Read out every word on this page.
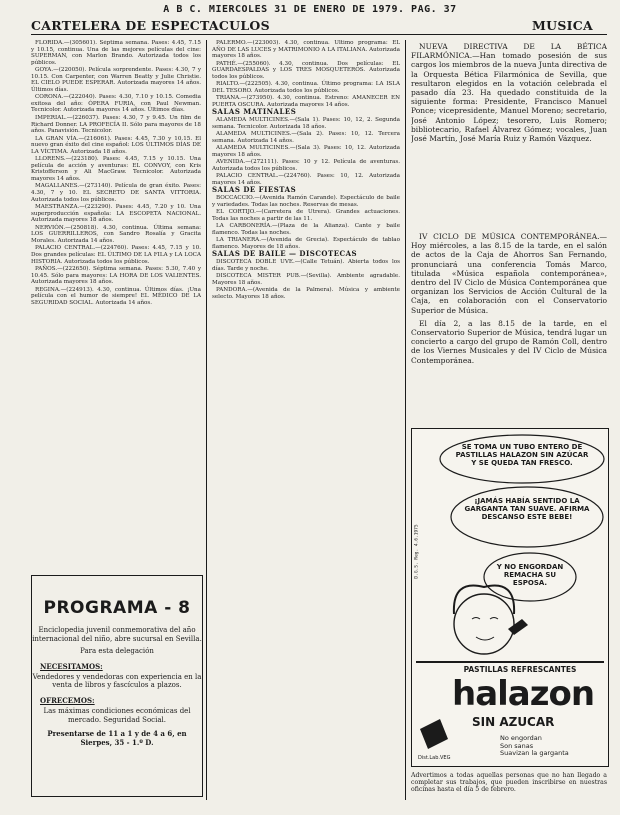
A B C. MIERCOLES 31 DE ENERO DE 1979. PAG. 37
CARTELERA DE ESPECTACULOS	MUSICA

FLORIDA.—(305601). Séptima semana. Pases: 4.45, 7.15 y 10.15, continua. Una de las mejores películas del cine: SUPERMAN, con Marlon Brando. Autorizada todos los públicos.

GOYA.—(220050). Película sorprendente. Pases: 4.30, 7 y 10.15. Con Carpenter, con Warren Beatty y Julie Christie. EL CIELO PUEDE ESPERAR. Autorizada mayores 14 años. Últimos días.

CORONA.—(222040). Pases: 4.30, 7.10 y 10.15. Comedia exitosa del año: ÓPERA FURIA, con Paul Newman. Tecnicolor. Autorizada mayores 14 años. Últimos días.

IMPERIAL.—(226037). Pases: 4.30, 7 y 9.45. Un film de Richard Donner. LA PROFECÍA II. Sólo para mayores de 18 años. Panavisión. Tecnicolor.

LA GRAN VÍA.—(216061). Pases: 4.45, 7.30 y 10.15. El nuevo gran éxito del cine español: LOS ÚLTIMOS DÍAS DE LA VÍCTIMA. Autorizada 18 años.

LLORENS.—(223180). Pases: 4.45, 7.15 y 10.15. Una película de acción y aventuras: EL CONVOY, con Kris Kristofferson y Ali MacGraw. Tecnicolor. Autorizada mayores 14 años.

MAGALLANES.—(273140). Película de gran éxito. Pases: 4.30, 7 y 10. EL SECRETO DE SANTA VITTORIA. Autorizada todos los públicos.

MAESTRANZA.—(223290). Pases: 4.45, 7.20 y 10. Una superproducción española: LA ESCOPETA NACIONAL. Autorizada mayores 18 años.

NERVIÓN.—(250818). 4.30, continua. Última semana: LOS GUERRILLEROS, con Sandro Rosalía y Gracita Morales. Autorizada 14 años.

PALACIO CENTRAL.—(224760). Pases: 4.45, 7.15 y 10. Dos grandes películas: EL ÚLTIMO DE LA FILA y LA LOCA HISTORIA. Autorizada todos los públicos.

PAÑOS.—(222650). Séptima semana. Pases: 5.30, 7.40 y 10.45. Sólo para mayores: LA HORA DE LOS VALIENTES. Autorizada mayores 18 años.

REGINA.—(224913). 4.30, continua. Últimos días. ¡Una película con el humor de siempre! EL MÉDICO DE LA SEGURIDAD SOCIAL. Autorizada 14 años.

PALERMO.—(223003). 4.30, continua. Último programa: EL AÑO DE LAS LUCES y MATRIMONIO A LA ITALIANA. Autorizada mayores 18 años.

PATHÉ.—(255060). 4.30, continua. Dos películas: EL GUARDAESPALDAS y LOS TRES MOSQUETEROS. Autorizada todos los públicos.

RIALTO.—(222505). 4.30, continua. Último programa: LA ISLA DEL TESORO. Autorizada todos los públicos.

TRIANA.—(273950). 4.30, continua. Estreno: AMANECER EN PUERTA OSCURA. Autorizada mayores 14 años.

SALAS MATINALES

ALAMEDA MULTICINES.—(Sala 1). Pases: 10, 12, 2. Segunda semana. Tecnicolor. Autorizada 18 años.

ALAMEDA MULTICINES.—(Sala 2). Pases: 10, 12. Tercera semana. Autorizada 14 años.

ALAMEDA MULTICINES.—(Sala 3). Pases: 10, 12. Autorizada mayores 18 años.

AVENIDA.—(272111). Pases: 10 y 12. Película de aventuras. Autorizada todos los públicos.

PALACIO CENTRAL.—(224760). Pases: 10, 12. Autorizada mayores 14 años.

SALAS DE FIESTAS

BOCCACCIO.—(Avenida Ramón Carande). Espectáculo de baile y variedades. Todas las noches. Reservas de mesas.

EL CORTIJO.—(Carretera de Utrera). Grandes actuaciones. Todas las noches a partir de las 11.

LA CARBONERÍA.—(Plaza de la Alianza). Cante y baile flamenco. Todas las noches.

LA TRIANERA.—(Avenida de Grecia). Espectáculo de tablao flamenco. Mayores de 18 años.

SALAS DE BAILE — DISCOTECAS

DISCOTECA DOBLE UVE.—(Calle Tetuán). Abierta todos los días. Tarde y noche.

DISCOTECA MISTER PUB.—(Sevilla). Ambiente agradable. Mayores 18 años.

PANDORA.—(Avenida de la Palmera). Música y ambiente selecto. Mayores 18 años.

NUEVA DIRECTIVA DE LA BÉTICA FILARMÓNICA.—Han tomado posesión de sus cargos los miembros de la nueva Junta directiva de la Orquesta Bética Filarmónica de Sevilla, que resultaron elegidos en la votación celebrada el pasado día 23. Ha quedado constituida de la siguiente forma: Presidente, Francisco Manuel Ponce; vicepresidente, Manuel Moreno; secretario, José Antonio López; tesorero, Luis Romero; bibliotecario, Rafael Álvarez Gómez; vocales, Juan José Martín, José María Ruiz y Ramón Vázquez.

IV CICLO DE MÚSICA CONTEMPORÁNEA.—Hoy miércoles, a las 8.15 de la tarde, en el salón de actos de la Caja de Ahorros San Fernando, pronunciará una conferencia Tomás Marco, titulada «Música española contemporánea», dentro del IV Ciclo de Música Contemporánea que organizan los Servicios de Acción Cultural de la Caja, en colaboración con el Conservatorio Superior de Música.

El día 2, a las 8.15 de la tarde, en el Conservatorio Superior de Música, tendrá lugar un concierto a cargo del grupo de Ramón Coll, dentro de los Viernes Musicales y del IV Ciclo de Música Contemporánea.

PROGRAMA - 8

Enciclopedia juvenil conmemorativa del año internacional del niño, abre sucursal en Sevilla.

Para esta delegación

NECESITAMOS:

Vendedores y vendedoras con experiencia en la venta de libros y fascículos a plazos.

OFRECEMOS:

Las máximas condiciones económicas del mercado. Seguridad Social.

Presentarse de 11 a 1 y de 4 a 6, en Sierpes, 35 - 1.º D.

SE TOMA UN TUBO ENTERO DE PASTILLAS HALAZON SIN AZÚCAR Y SE QUEDA TAN FRESCO.
¡JAMÁS HABÍA SENTIDO LA GARGANTA TAN SUAVE. AFIRMA DESCANSO ESTE BEBE!
Y NO ENGORDAN REMACHA SU ESPOSA.
D.G.S. Reg. 4.6.1975
PASTILLAS REFRESCANTES
halazon
SIN AZUCAR
No engordan
Son sanas
Suavizan la garganta
Dist.Lab.VEG
Advertimos a todas aquellas personas que no han llegado a completar sus trabajos, que pueden inscribirse en nuestras oficinas hasta el día 5 de febrero.
